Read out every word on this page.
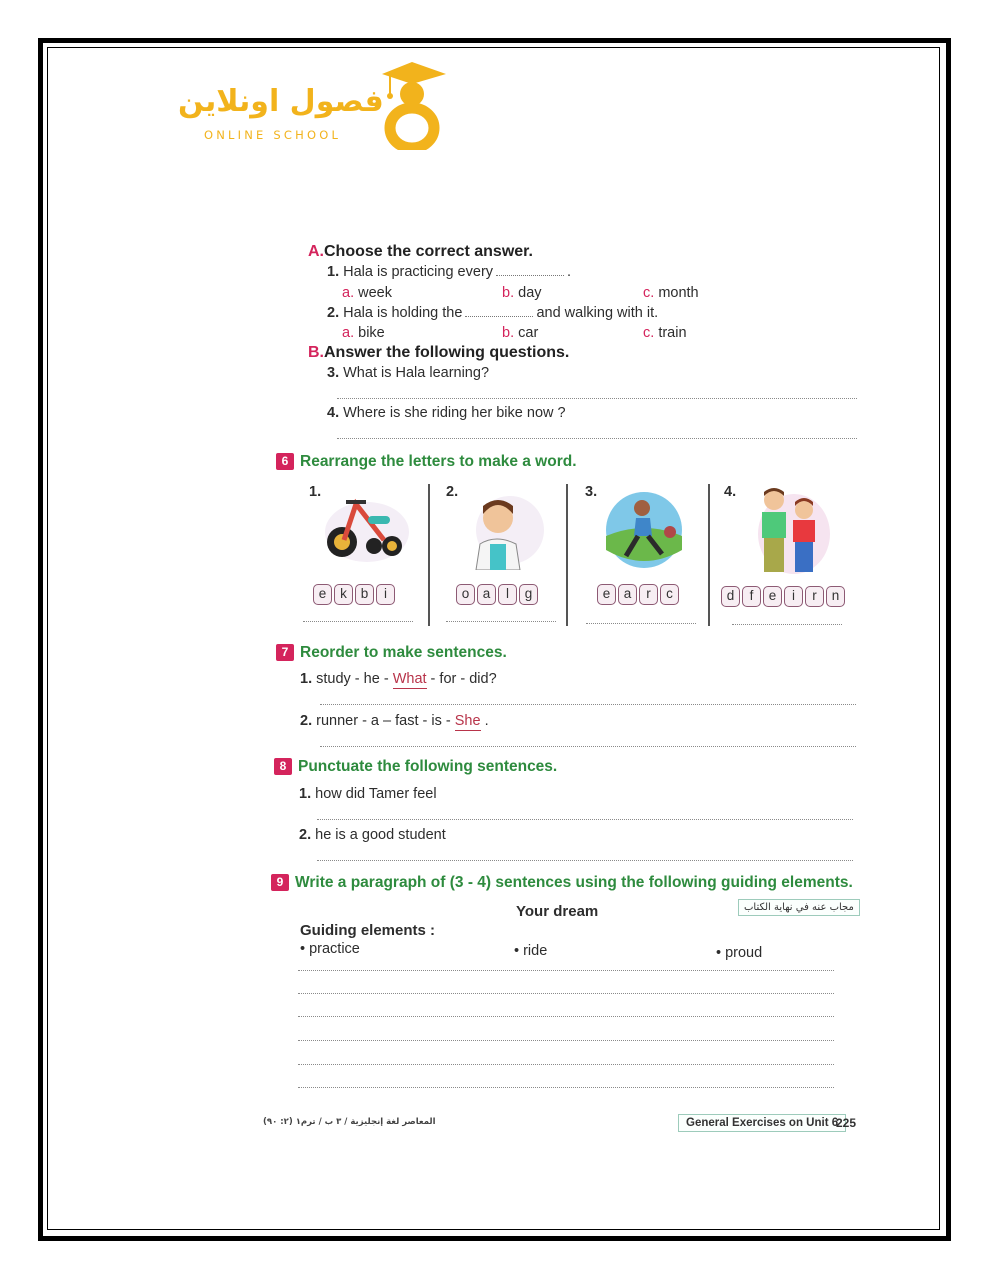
فصول اونلاين
ONLINE SCHOOL
A.Choose the correct answer.
1. Hala is practicing every	.
a. week	b. day	c. month
2. Hala is holding the	and walking with it.
a. bike	b. car	c. train
B.Answer the following questions.
3. What is Hala learning?
4. Where is she riding her bike now ?
6 Rearrange the letters to make a word.
1.
e k b i
2.
o a l g
3.
e a r c
4.
d f e i r n
7 Reorder to make sentences.
1. study - he - What - for - did?
2. runner - a – fast - is - She .
8 Punctuate the following sentences.
1. how did Tamer feel
2. he is a good student
9 Write a paragraph of (3 - 4) sentences using the following guiding elements.
Your dream	مجاب عنه في نهاية الكتاب
Guiding elements :
• practice	• ride	• proud
المعاصر لغة إنجليزية / ٣ ب / ترم١ (٢: ٩٠)	General Exercises on Unit 6
225
